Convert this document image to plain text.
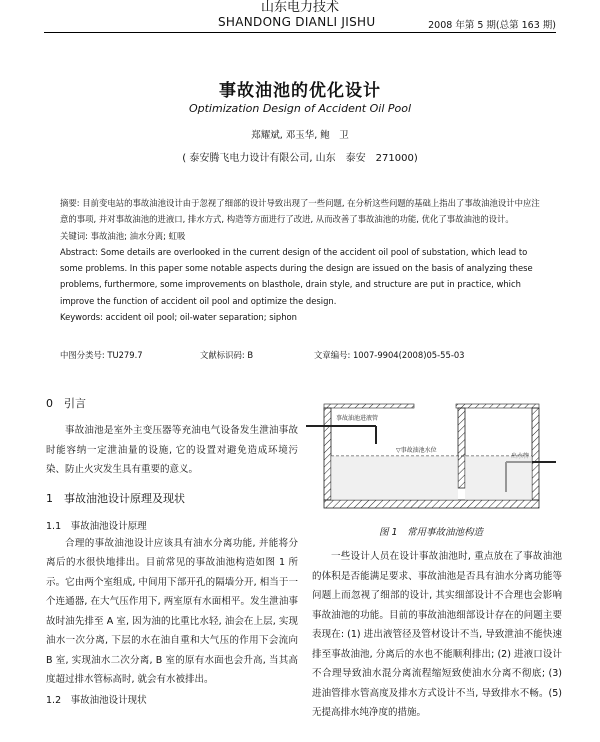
山东电力技术
SHANDONG DIANLI JISHU	2008 年第 5 期(总第 163 期)
事故油池的优化设计
Optimization Design of Accident Oil Pool
郑耀斌, 邓玉华, 鲍　卫
( 泰安腾飞电力设计有限公司, 山东　泰安　271000)

摘要: 目前变电站的事故油池设计由于忽视了细部的设计导致出现了一些问题, 在分析这些问题的基础上指出了事故油池设计中应注意的事项, 并对事故油池的进液口, 排水方式, 构造等方面进行了改进, 从而改善了事故油池的功能, 优化了事故油池的设计。

关键词: 事故油池; 油水分离; 虹吸

Abstract: Some details are overlooked in the current design of the accident oil pool of substation, which lead to some problems. In this paper some notable aspects during the design are issued on the basis of analyzing these problems, furthermore, some improvements on blasthole, drain style, and structure are put in practice, which improve the function of accident oil pool and optimize the design.

Keywords: accident oil pool; oil-water separation; siphon

中图分类号: TU279.7	文献标识码: B	文章编号: 1007-9904(2008)05-55-03
0　引言

事故油池是室外主变压器等充油电气设备发生泄油事故时能容纳一定泄油量的设施, 它的设置对避免造成环境污染、防止火灾发生具有重要的意义。

1　事故油池设计原理及现状
1.1　事故油池设计原理

合理的事故油池设计应该具有油水分离功能, 并能将分离后的水很快地排出。目前常见的事故油池构造如图 1 所示。它由两个室组成, 中间用下部开孔的隔墙分开, 相当于一个连通器, 在大气压作用下, 两室原有水面相平。发生泄油事故时油先排至 A 室, 因为油的比重比水轻, 油会在上层, 实现油水一次分离, 下层的水在油自重和大气压的作用下会流向 B 室, 实现油水二次分离, B 室的原有水面也会升高, 当其高度超过排水管标高时, 就会有水被排出。

1.2　事故油池设计现状
事故油池进液管
▽事故油池水位
图 1　常用事故油池构造

一些设计人员在设计事故油池时, 重点放在了事故油池的体积是否能满足要求、事故油池是否具有油水分离功能等问题上而忽视了细部的设计, 其实细部设计不合理也会影响事故油池的功能。目前的事故油池细部设计存在的问题主要表现在: (1) 进出液管径及管材设计不当, 导致泄油不能快速排至事故油池, 分离后的水也不能顺利排出; (2) 进液口设计不合理导致油水混分离流程缩短致使油水分离不彻底; (3) 进油管排水管高度及排水方式设计不当, 导致排水不畅。(5) 无提高排水纯净度的措施。
